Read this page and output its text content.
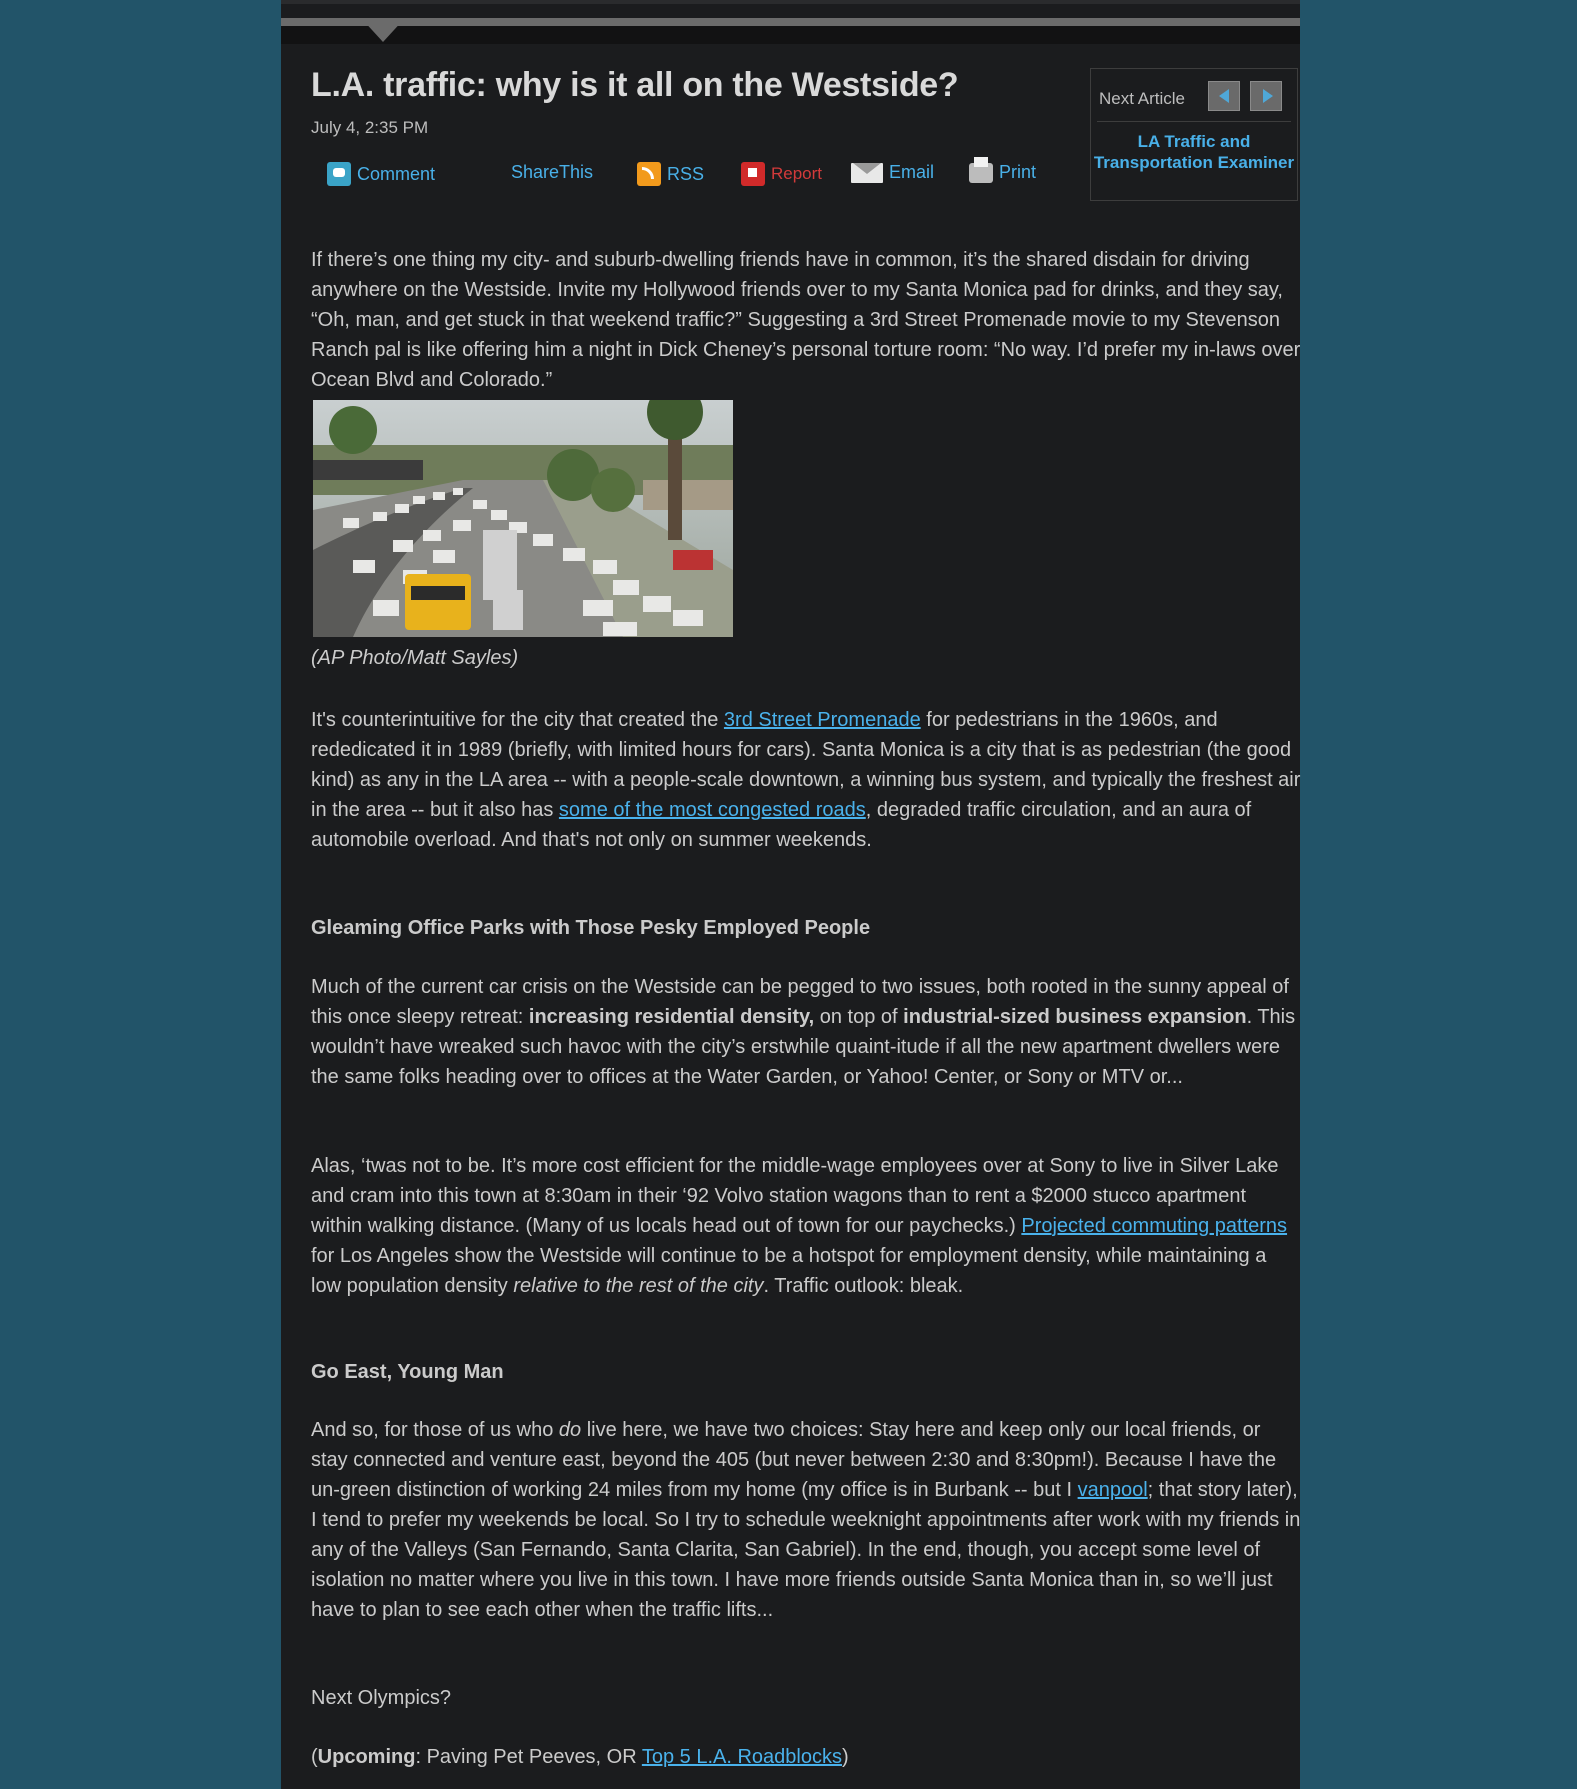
L.A. traffic: why is it all on the Westside?
July 4, 2:35 PM
Comment	ShareThis	RSS	Report	Email	Print
Next Article
LA Traffic and Transportation Examiner

If there’s one thing my city- and suburb-dwelling friends have in common, it’s the shared disdain for driving anywhere on the Westside. Invite my Hollywood friends over to my Santa Monica pad for drinks, and they say, “Oh, man, and get stuck in that weekend traffic?” Suggesting a 3rd Street Promenade movie to my Stevenson Ranch pal is like offering him a night in Dick Cheney’s personal torture room: “No way. I’d prefer my in-laws over Ocean Blvd and Colorado.”

(AP Photo/Matt Sayles)

It's counterintuitive for the city that created the 3rd Street Promenade for pedestrians in the 1960s, and rededicated it in 1989 (briefly, with limited hours for cars). Santa Monica is a city that is as pedestrian (the good kind) as any in the LA area -- with a people-scale downtown, a winning bus system, and typically the freshest air in the area -- but it also has some of the most congested roads, degraded traffic circulation, and an aura of automobile overload. And that's not only on summer weekends.

Gleaming Office Parks with Those Pesky Employed People

Much of the current car crisis on the Westside can be pegged to two issues, both rooted in the sunny appeal of this once sleepy retreat: increasing residential density, on top of industrial-sized business expansion. This wouldn’t have wreaked such havoc with the city’s erstwhile quaint-itude if all the new apartment dwellers were the same folks heading over to offices at the Water Garden, or Yahoo! Center, or Sony or MTV or...

Alas, ‘twas not to be. It’s more cost efficient for the middle-wage employees over at Sony to live in Silver Lake and cram into this town at 8:30am in their ‘92 Volvo station wagons than to rent a $2000 stucco apartment within walking distance. (Many of us locals head out of town for our paychecks.) Projected commuting patterns for Los Angeles show the Westside will continue to be a hotspot for employment density, while maintaining a low population density relative to the rest of the city. Traffic outlook: bleak.

Go East, Young Man

And so, for those of us who do live here, we have two choices: Stay here and keep only our local friends, or stay connected and venture east, beyond the 405 (but never between 2:30 and 8:30pm!). Because I have the un-green distinction of working 24 miles from my home (my office is in Burbank -- but I vanpool; that story later), I tend to prefer my weekends be local. So I try to schedule weeknight appointments after work with my friends in any of the Valleys (San Fernando, Santa Clarita, San Gabriel). In the end, though, you accept some level of isolation no matter where you live in this town. I have more friends outside Santa Monica than in, so we’ll just have to plan to see each other when the traffic lifts...

Next Olympics?

(Upcoming: Paving Pet Peeves, OR Top 5 L.A. Roadblocks)
